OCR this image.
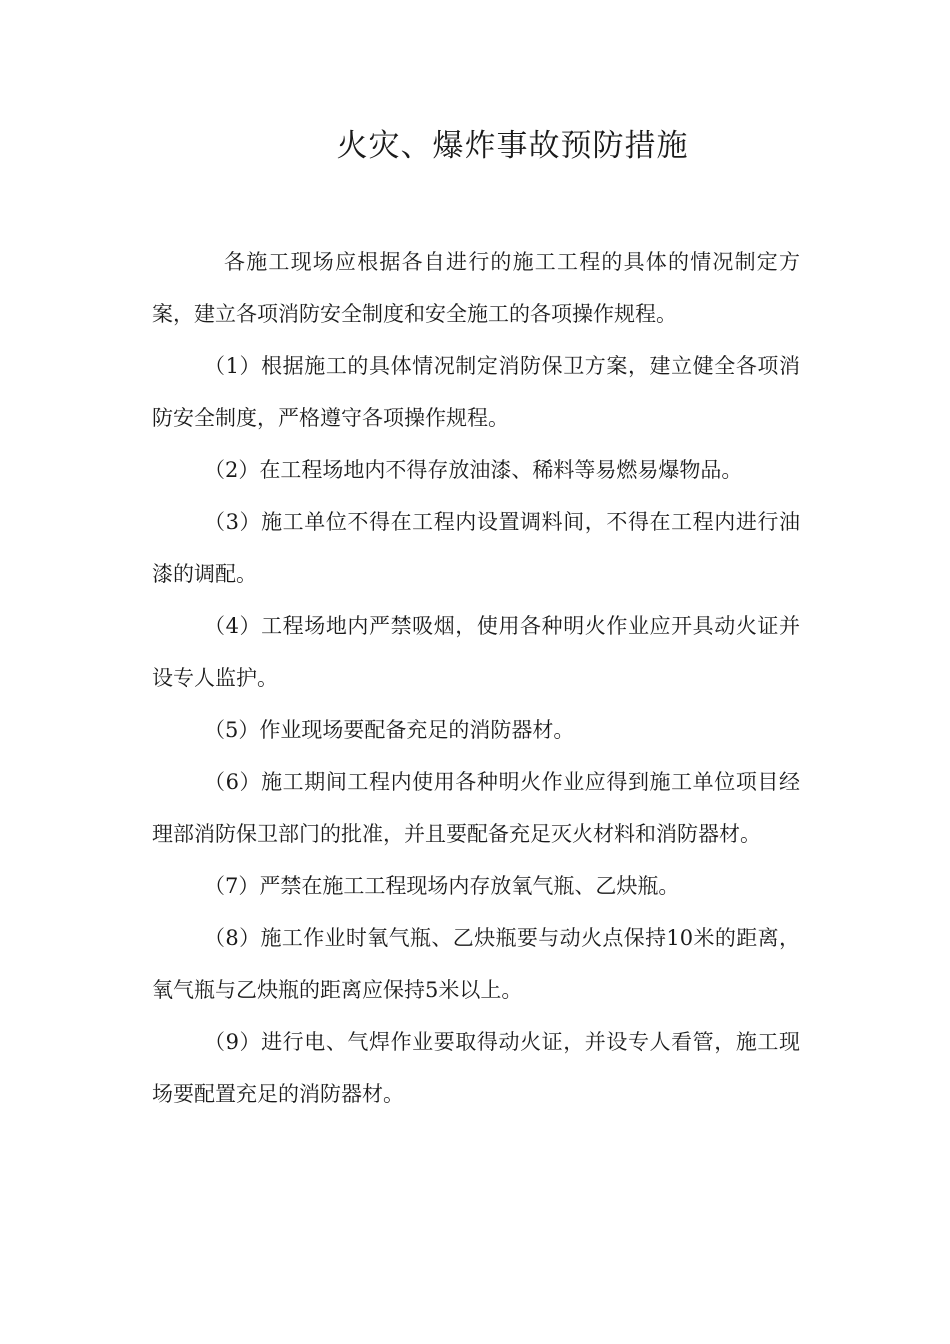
火灾、爆炸事故预防措施

各施工现场应根据各自进行的施工工程的具体的情况制定方案，建立各项消防安全制度和安全施工的各项操作规程。

（1）根据施工的具体情况制定消防保卫方案，建立健全各项消防安全制度，严格遵守各项操作规程。

（2）在工程场地内不得存放油漆、稀料等易燃易爆物品。

（3）施工单位不得在工程内设置调料间，不得在工程内进行油漆的调配。

（4）工程场地内严禁吸烟，使用各种明火作业应开具动火证并设专人监护。

（5）作业现场要配备充足的消防器材。

（6）施工期间工程内使用各种明火作业应得到施工单位项目经理部消防保卫部门的批准，并且要配备充足灭火材料和消防器材。

（7）严禁在施工工程现场内存放氧气瓶、乙炔瓶。

（8）施工作业时氧气瓶、乙炔瓶要与动火点保持10米的距离，氧气瓶与乙炔瓶的距离应保持5米以上。

（9）进行电、气焊作业要取得动火证，并设专人看管，施工现场要配置充足的消防器材。
